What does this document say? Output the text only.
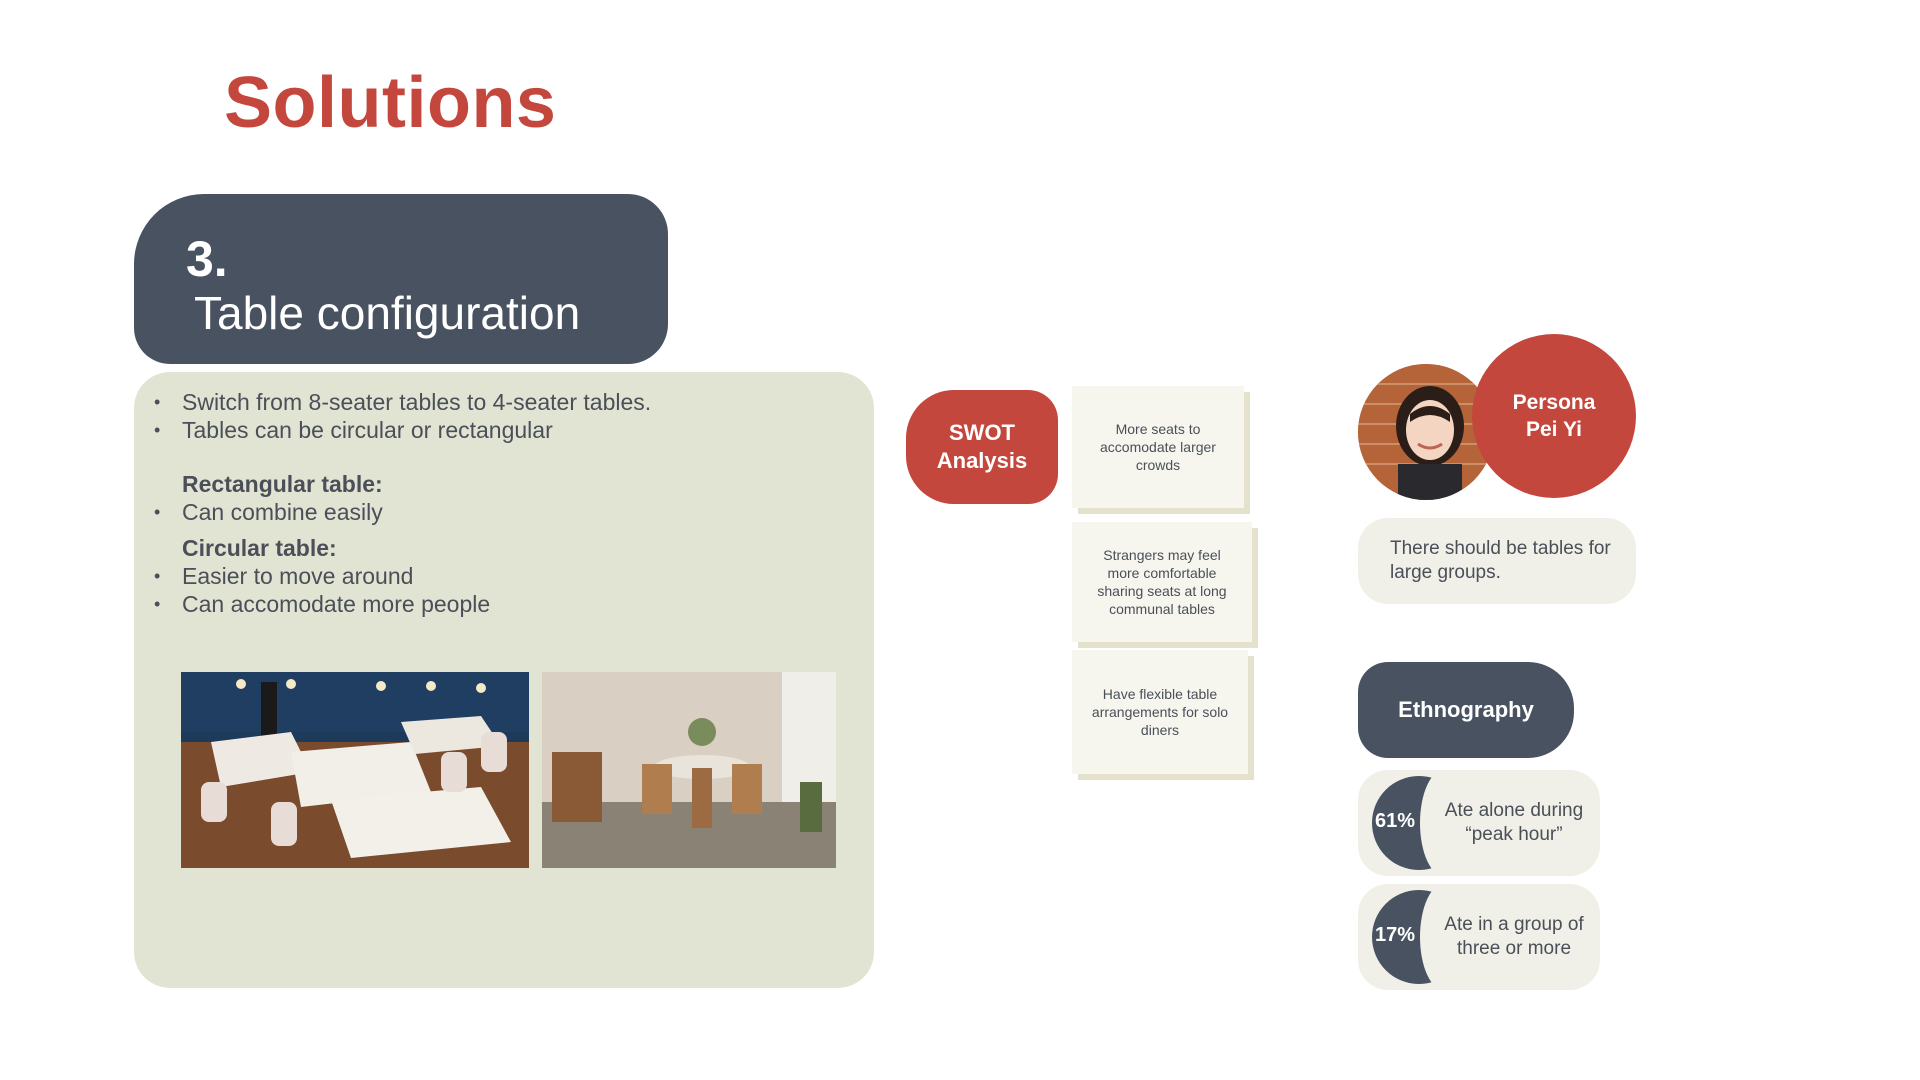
Solutions
3.
Table configuration
• Switch from 8-seater tables to 4-seater tables.
• Tables can be circular or rectangular
Rectangular table:
• Can combine easily
Circular table:
• Easier to move around
• Can accomodate more people
SWOT
Analysis
More seats to accomodate larger crowds
Strangers may feel more comfortable sharing seats at long communal tables
Have flexible table arrangements for solo diners
Persona
Pei Yi
There should be tables for large groups.
Ethnography
61%	Ate alone during “peak hour”
17%	Ate in a group of three or more
